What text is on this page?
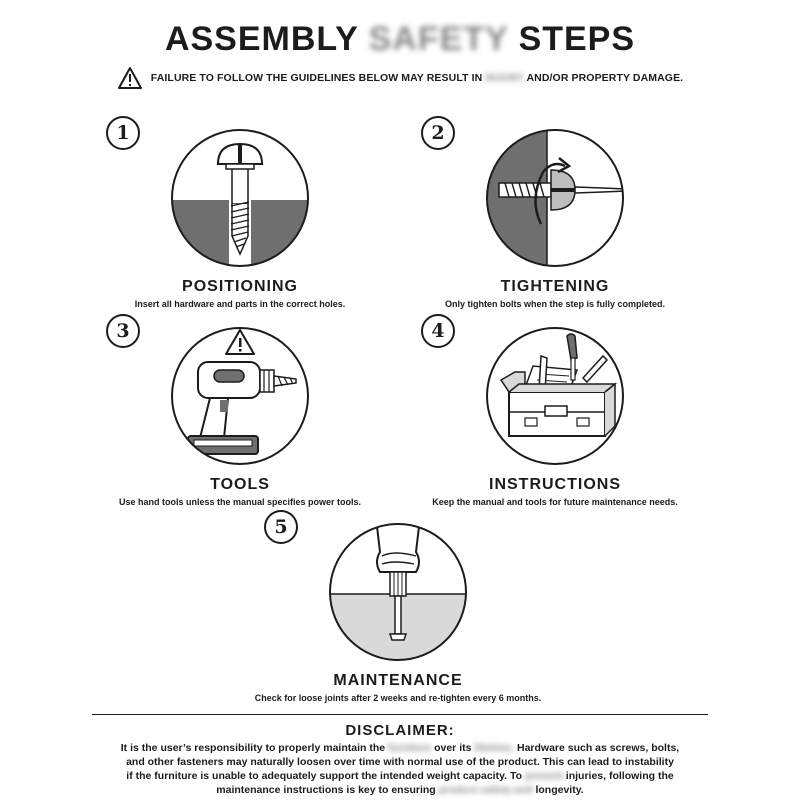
ASSEMBLY SAFETY STEPS
FAILURE TO FOLLOW THE GUIDELINES BELOW MAY RESULT IN INJURY AND/OR PROPERTY DAMAGE.
1
POSITIONING
Insert all hardware and parts in the correct holes.
2
TIGHTENING
Only tighten bolts when the step is fully completed.
3
TOOLS
Use hand tools unless the manual specifies power tools.
4
INSTRUCTIONS
Keep the manual and tools for future maintenance needs.
5
MAINTENANCE
Check for loose joints after 2 weeks and re-tighten every 6 months.
DISCLAIMER:
It is the user’s responsibility to properly maintain the furniture over its lifetime. Hardware such as screws, bolts,
and other fasteners may naturally loosen over time with normal use of the product. This can lead to instability
if the furniture is unable to adequately support the intended weight capacity. To prevent injuries, following the
maintenance instructions is key to ensuring product safety and longevity.
